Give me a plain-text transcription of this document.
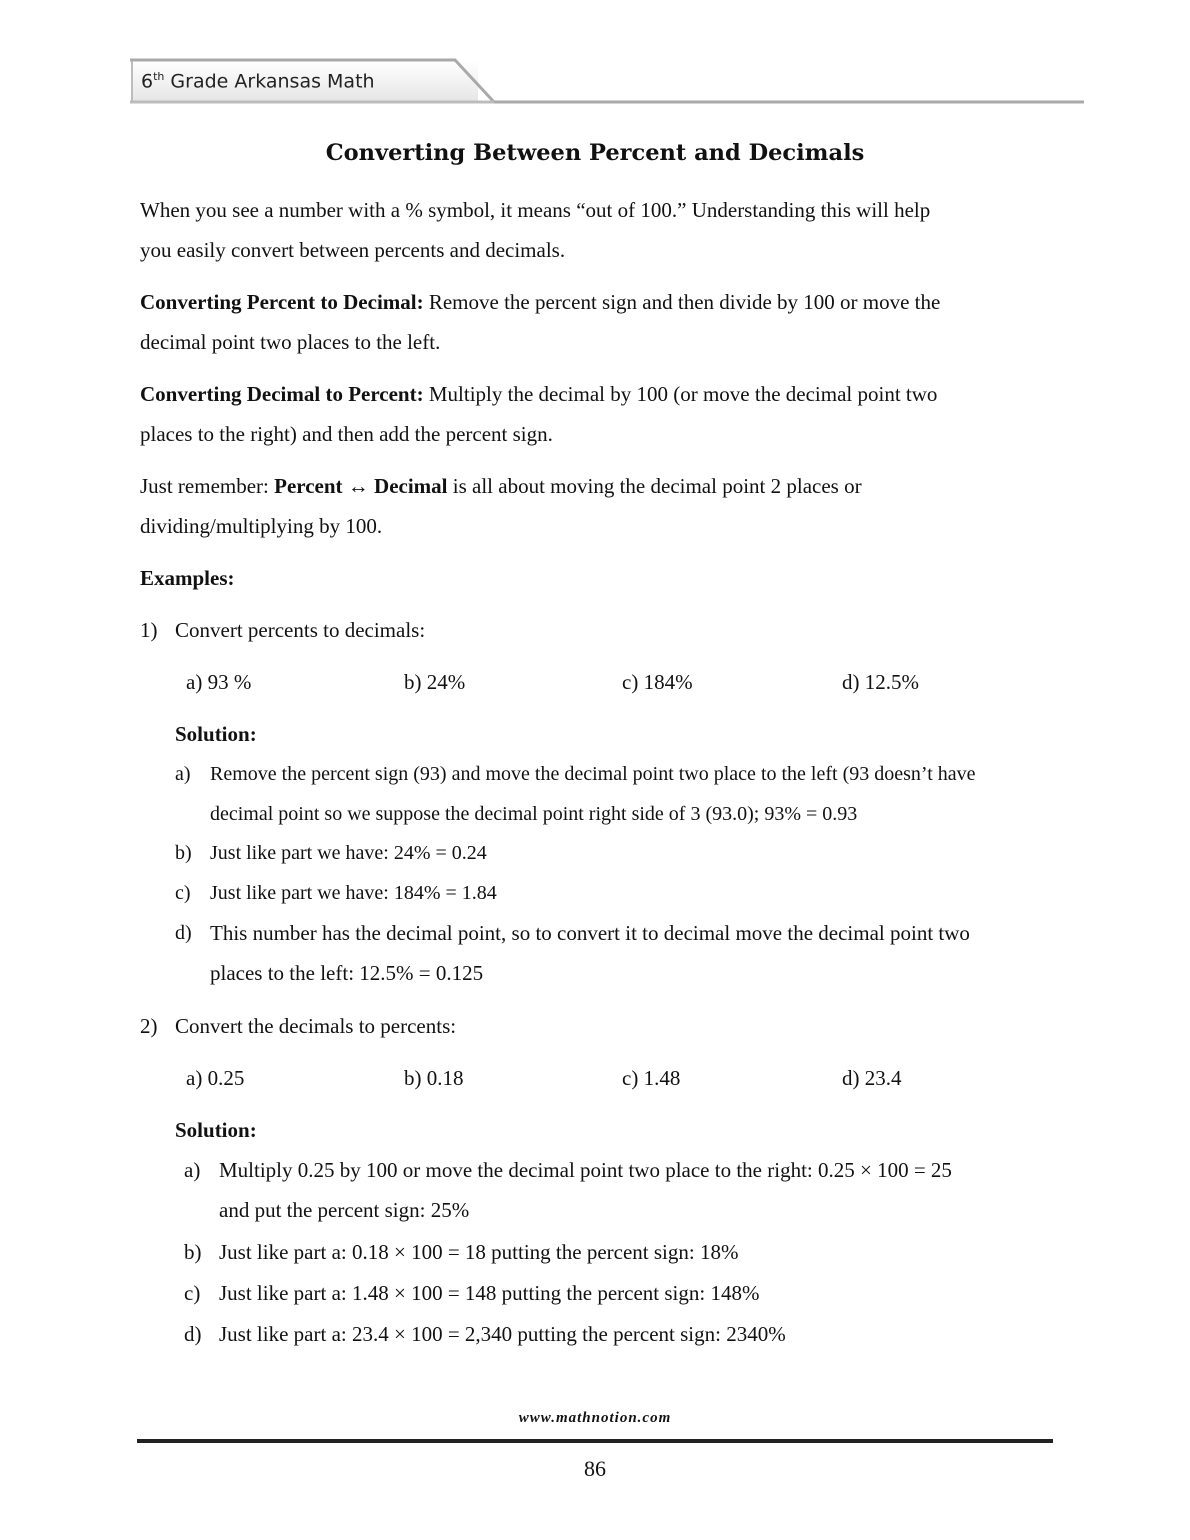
6th Grade Arkansas Math
Converting Between Percent and Decimals
When you see a number with a % symbol, it means “out of 100.” Understanding this will help
you easily convert between percents and decimals.
Converting Percent to Decimal: Remove the percent sign and then divide by 100 or move the
decimal point two places to the left.
Converting Decimal to Percent: Multiply the decimal by 100 (or move the decimal point two
places to the right) and then add the percent sign.
Just remember: Percent ↔ Decimal is all about moving the decimal point 2 places or
dividing/multiplying by 100.
Examples:
1) Convert percents to decimals:
a) 93 %	b) 24%	c) 184%	d) 12.5%
Solution:
a) Remove the percent sign (93) and move the decimal point two place to the left (93 doesn’t have
decimal point so we suppose the decimal point right side of 3 (93.0); 93% = 0.93
b) Just like part we have: 24% = 0.24
c) Just like part we have: 184% = 1.84
d) This number has the decimal point, so to convert it to decimal move the decimal point two
places to the left: 12.5% = 0.125
2) Convert the decimals to percents:
a) 0.25	b) 0.18	c) 1.48	d) 23.4
Solution:
a) Multiply 0.25 by 100 or move the decimal point two place to the right: 0.25 × 100 = 25
and put the percent sign: 25%
b) Just like part a: 0.18 × 100 = 18 putting the percent sign: 18%
c) Just like part a: 1.48 × 100 = 148 putting the percent sign: 148%
d) Just like part a: 23.4 × 100 = 2,340 putting the percent sign: 2340%
www.mathnotion.com
86
